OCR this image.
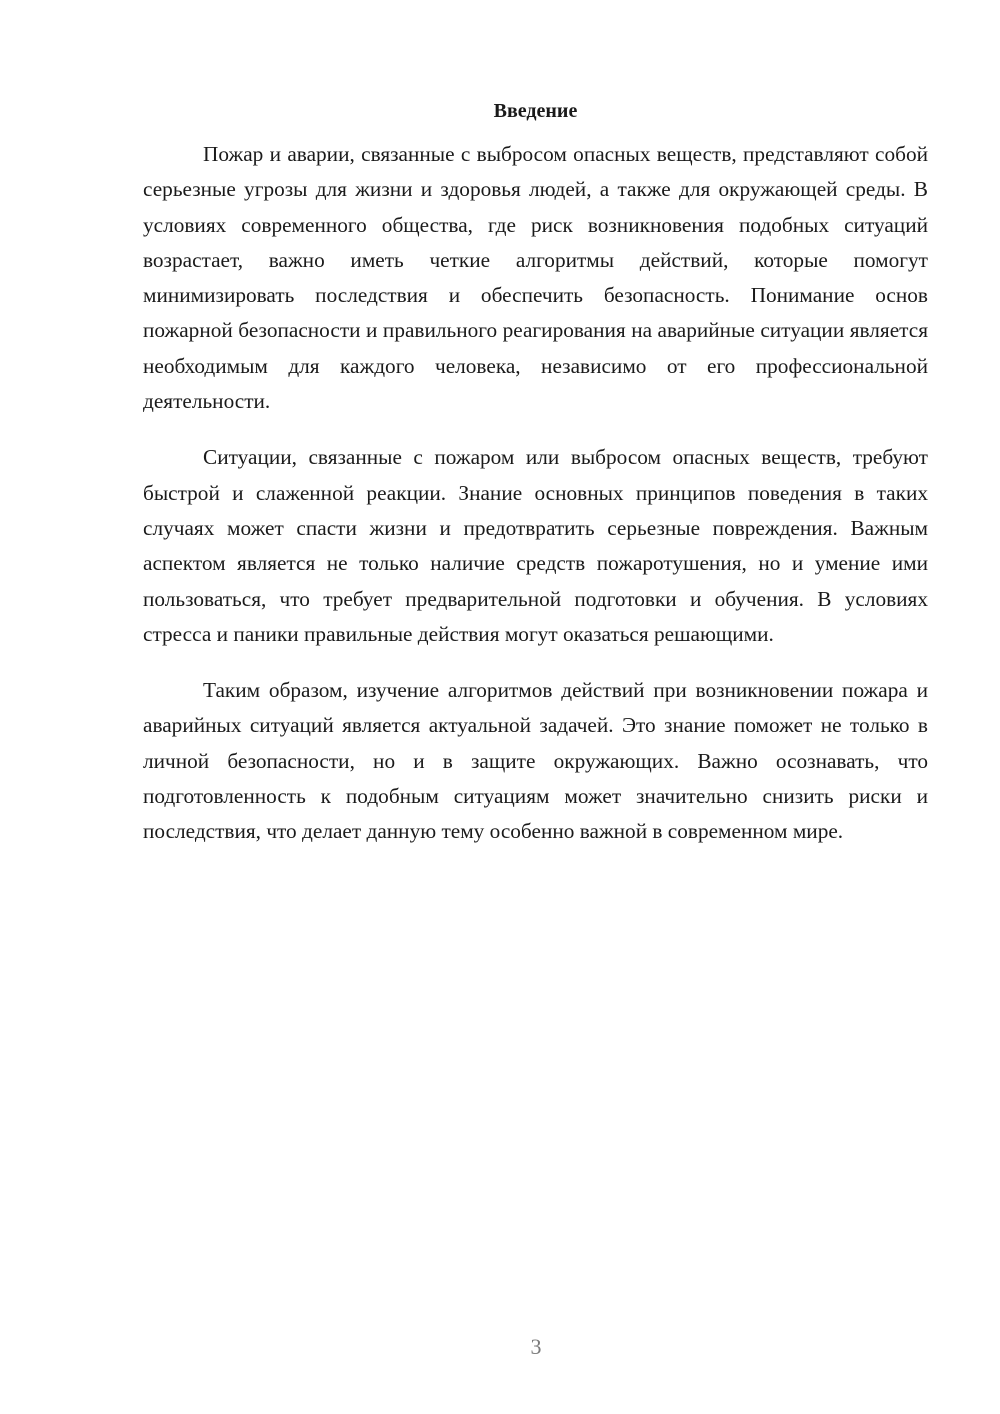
Введение

Пожар и аварии, связанные с выбросом опасных веществ, представляют собой серьезные угрозы для жизни и здоровья людей, а также для окружающей среды. В условиях современного общества, где риск возникновения подобных ситуаций возрастает, важно иметь четкие алгоритмы действий, которые помогут минимизировать последствия и обеспечить безопасность. Понимание основ пожарной безопасности и правильного реагирования на аварийные ситуации является необходимым для каждого человека, независимо от его профессиональной деятельности.

Ситуации, связанные с пожаром или выбросом опасных веществ, требуют быстрой и слаженной реакции. Знание основных принципов поведения в таких случаях может спасти жизни и предотвратить серьезные повреждения. Важным аспектом является не только наличие средств пожаротушения, но и умение ими пользоваться, что требует предварительной подготовки и обучения. В условиях стресса и паники правильные действия могут оказаться решающими.

Таким образом, изучение алгоритмов действий при возникновении пожара и аварийных ситуаций является актуальной задачей. Это знание поможет не только в личной безопасности, но и в защите окружающих. Важно осознавать, что подготовленность к подобным ситуациям может значительно снизить риски и последствия, что делает данную тему особенно важной в современном мире.

3
